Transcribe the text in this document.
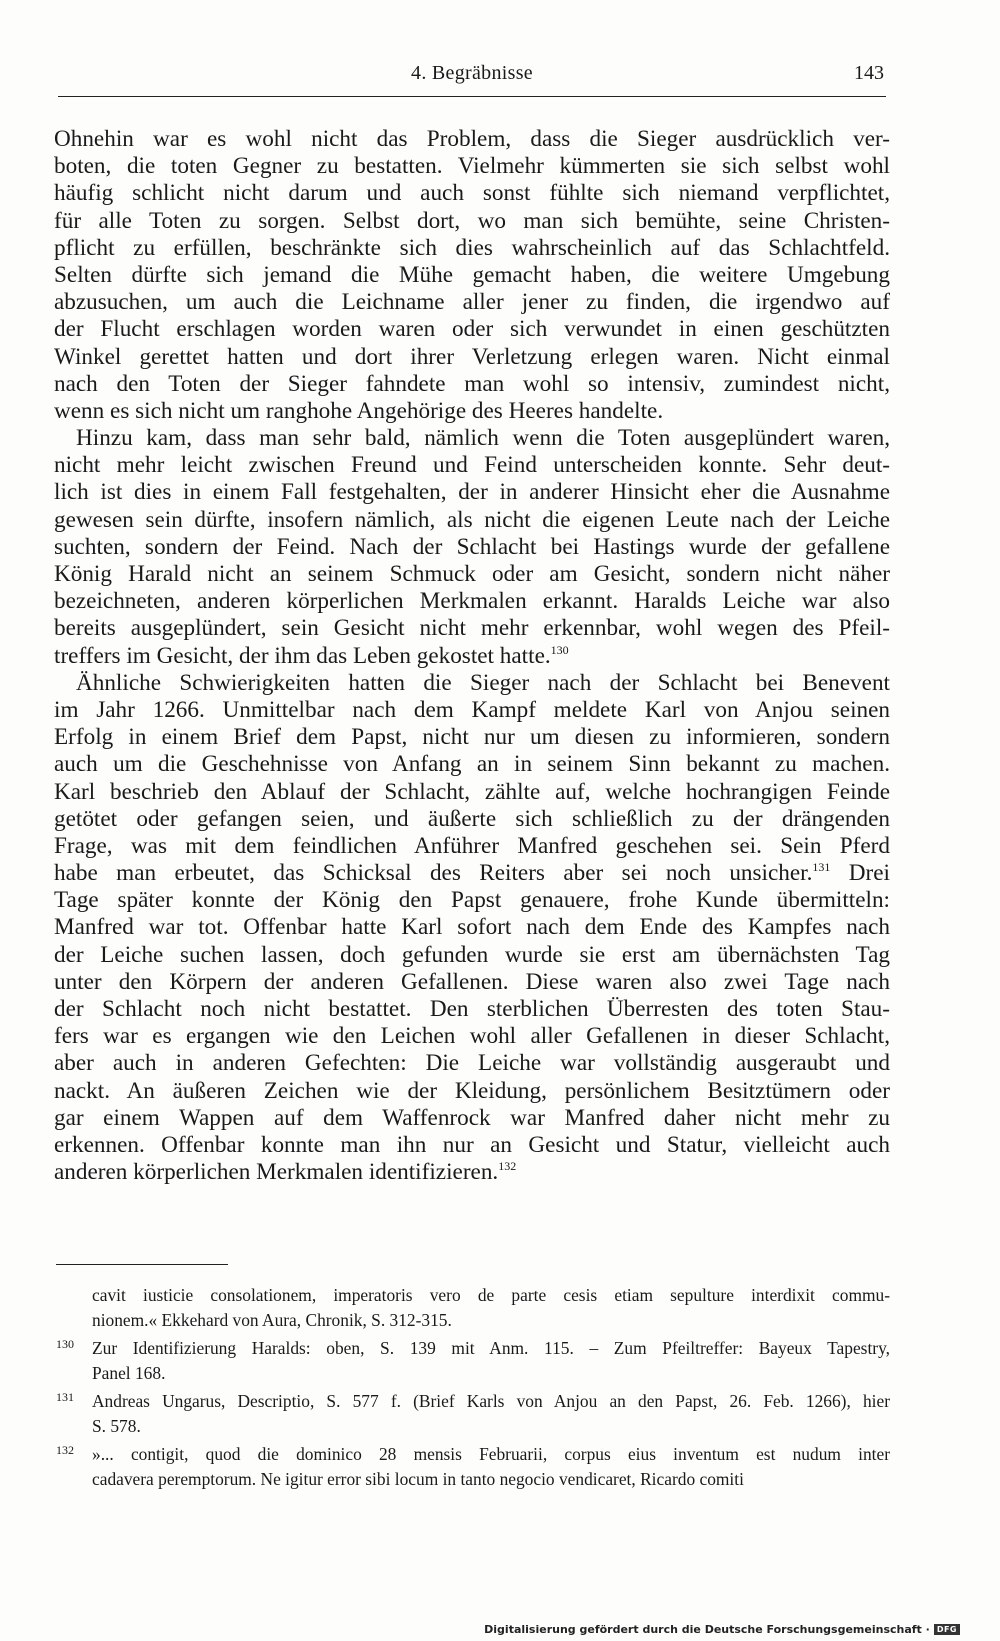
4. Begräbnisse	143
Ohnehin war es wohl nicht das Problem, dass die Sieger ausdrücklich ver-
boten, die toten Gegner zu bestatten. Vielmehr kümmerten sie sich selbst wohl
häufig schlicht nicht darum und auch sonst fühlte sich niemand verpflichtet,
für alle Toten zu sorgen. Selbst dort, wo man sich bemühte, seine Christen-
pflicht zu erfüllen, beschränkte sich dies wahrscheinlich auf das Schlachtfeld.
Selten dürfte sich jemand die Mühe gemacht haben, die weitere Umgebung
abzusuchen, um auch die Leichname aller jener zu finden, die irgendwo auf
der Flucht erschlagen worden waren oder sich verwundet in einen geschützten
Winkel gerettet hatten und dort ihrer Verletzung erlegen waren. Nicht einmal
nach den Toten der Sieger fahndete man wohl so intensiv, zumindest nicht,
wenn es sich nicht um ranghohe Angehörige des Heeres handelte.
Hinzu kam, dass man sehr bald, nämlich wenn die Toten ausgeplündert waren,
nicht mehr leicht zwischen Freund und Feind unterscheiden konnte. Sehr deut-
lich ist dies in einem Fall festgehalten, der in anderer Hinsicht eher die Ausnahme
gewesen sein dürfte, insofern nämlich, als nicht die eigenen Leute nach der Leiche
suchten, sondern der Feind. Nach der Schlacht bei Hastings wurde der gefallene
König Harald nicht an seinem Schmuck oder am Gesicht, sondern nicht näher
bezeichneten, anderen körperlichen Merkmalen erkannt. Haralds Leiche war also
bereits ausgeplündert, sein Gesicht nicht mehr erkennbar, wohl wegen des Pfeil-
treffers im Gesicht, der ihm das Leben gekostet hatte.$^{130}$
Ähnliche Schwierigkeiten hatten die Sieger nach der Schlacht bei Benevent
im Jahr 1266. Unmittelbar nach dem Kampf meldete Karl von Anjou seinen
Erfolg in einem Brief dem Papst, nicht nur um diesen zu informieren, sondern
auch um die Geschehnisse von Anfang an in seinem Sinn bekannt zu machen.
Karl beschrieb den Ablauf der Schlacht, zählte auf, welche hochrangigen Feinde
getötet oder gefangen seien, und äußerte sich schließlich zu der drängenden
Frage, was mit dem feindlichen Anführer Manfred geschehen sei. Sein Pferd
habe man erbeutet, das Schicksal des Reiters aber sei noch unsicher.$^{131}$ Drei
Tage später konnte der König den Papst genauere, frohe Kunde übermitteln:
Manfred war tot. Offenbar hatte Karl sofort nach dem Ende des Kampfes nach
der Leiche suchen lassen, doch gefunden wurde sie erst am übernächsten Tag
unter den Körpern der anderen Gefallenen. Diese waren also zwei Tage nach
der Schlacht noch nicht bestattet. Den sterblichen Überresten des toten Stau-
fers war es ergangen wie den Leichen wohl aller Gefallenen in dieser Schlacht,
aber auch in anderen Gefechten: Die Leiche war vollständig ausgeraubt und
nackt. An äußeren Zeichen wie der Kleidung, persönlichem Besitztümern oder
gar einem Wappen auf dem Waffenrock war Manfred daher nicht mehr zu
erkennen. Offenbar konnte man ihn nur an Gesicht und Statur, vielleicht auch
anderen körperlichen Merkmalen identifizieren.$^{132}$
cavit iusticie consolationem, imperatoris vero de parte cesis etiam sepulture interdixit commu-
nionem.« Ekkehard von Aura, Chronik, S. 312-315.
130 Zur Identifizierung Haralds: oben, S. 139 mit Anm. 115. – Zum Pfeiltreffer: Bayeux Tapestry,
Panel 168.
131 Andreas Ungarus, Descriptio, S. 577 f. (Brief Karls von Anjou an den Papst, 26. Feb. 1266), hier
S. 578.
132 »... contigit, quod die dominico 28 mensis Februarii, corpus eius inventum est nudum inter
cadavera peremptorum. Ne igitur error sibi locum in tanto negocio vendicaret, Ricardo comiti
Digitalisierung gefördert durch die Deutsche Forschungsgemeinschaft · DFG
